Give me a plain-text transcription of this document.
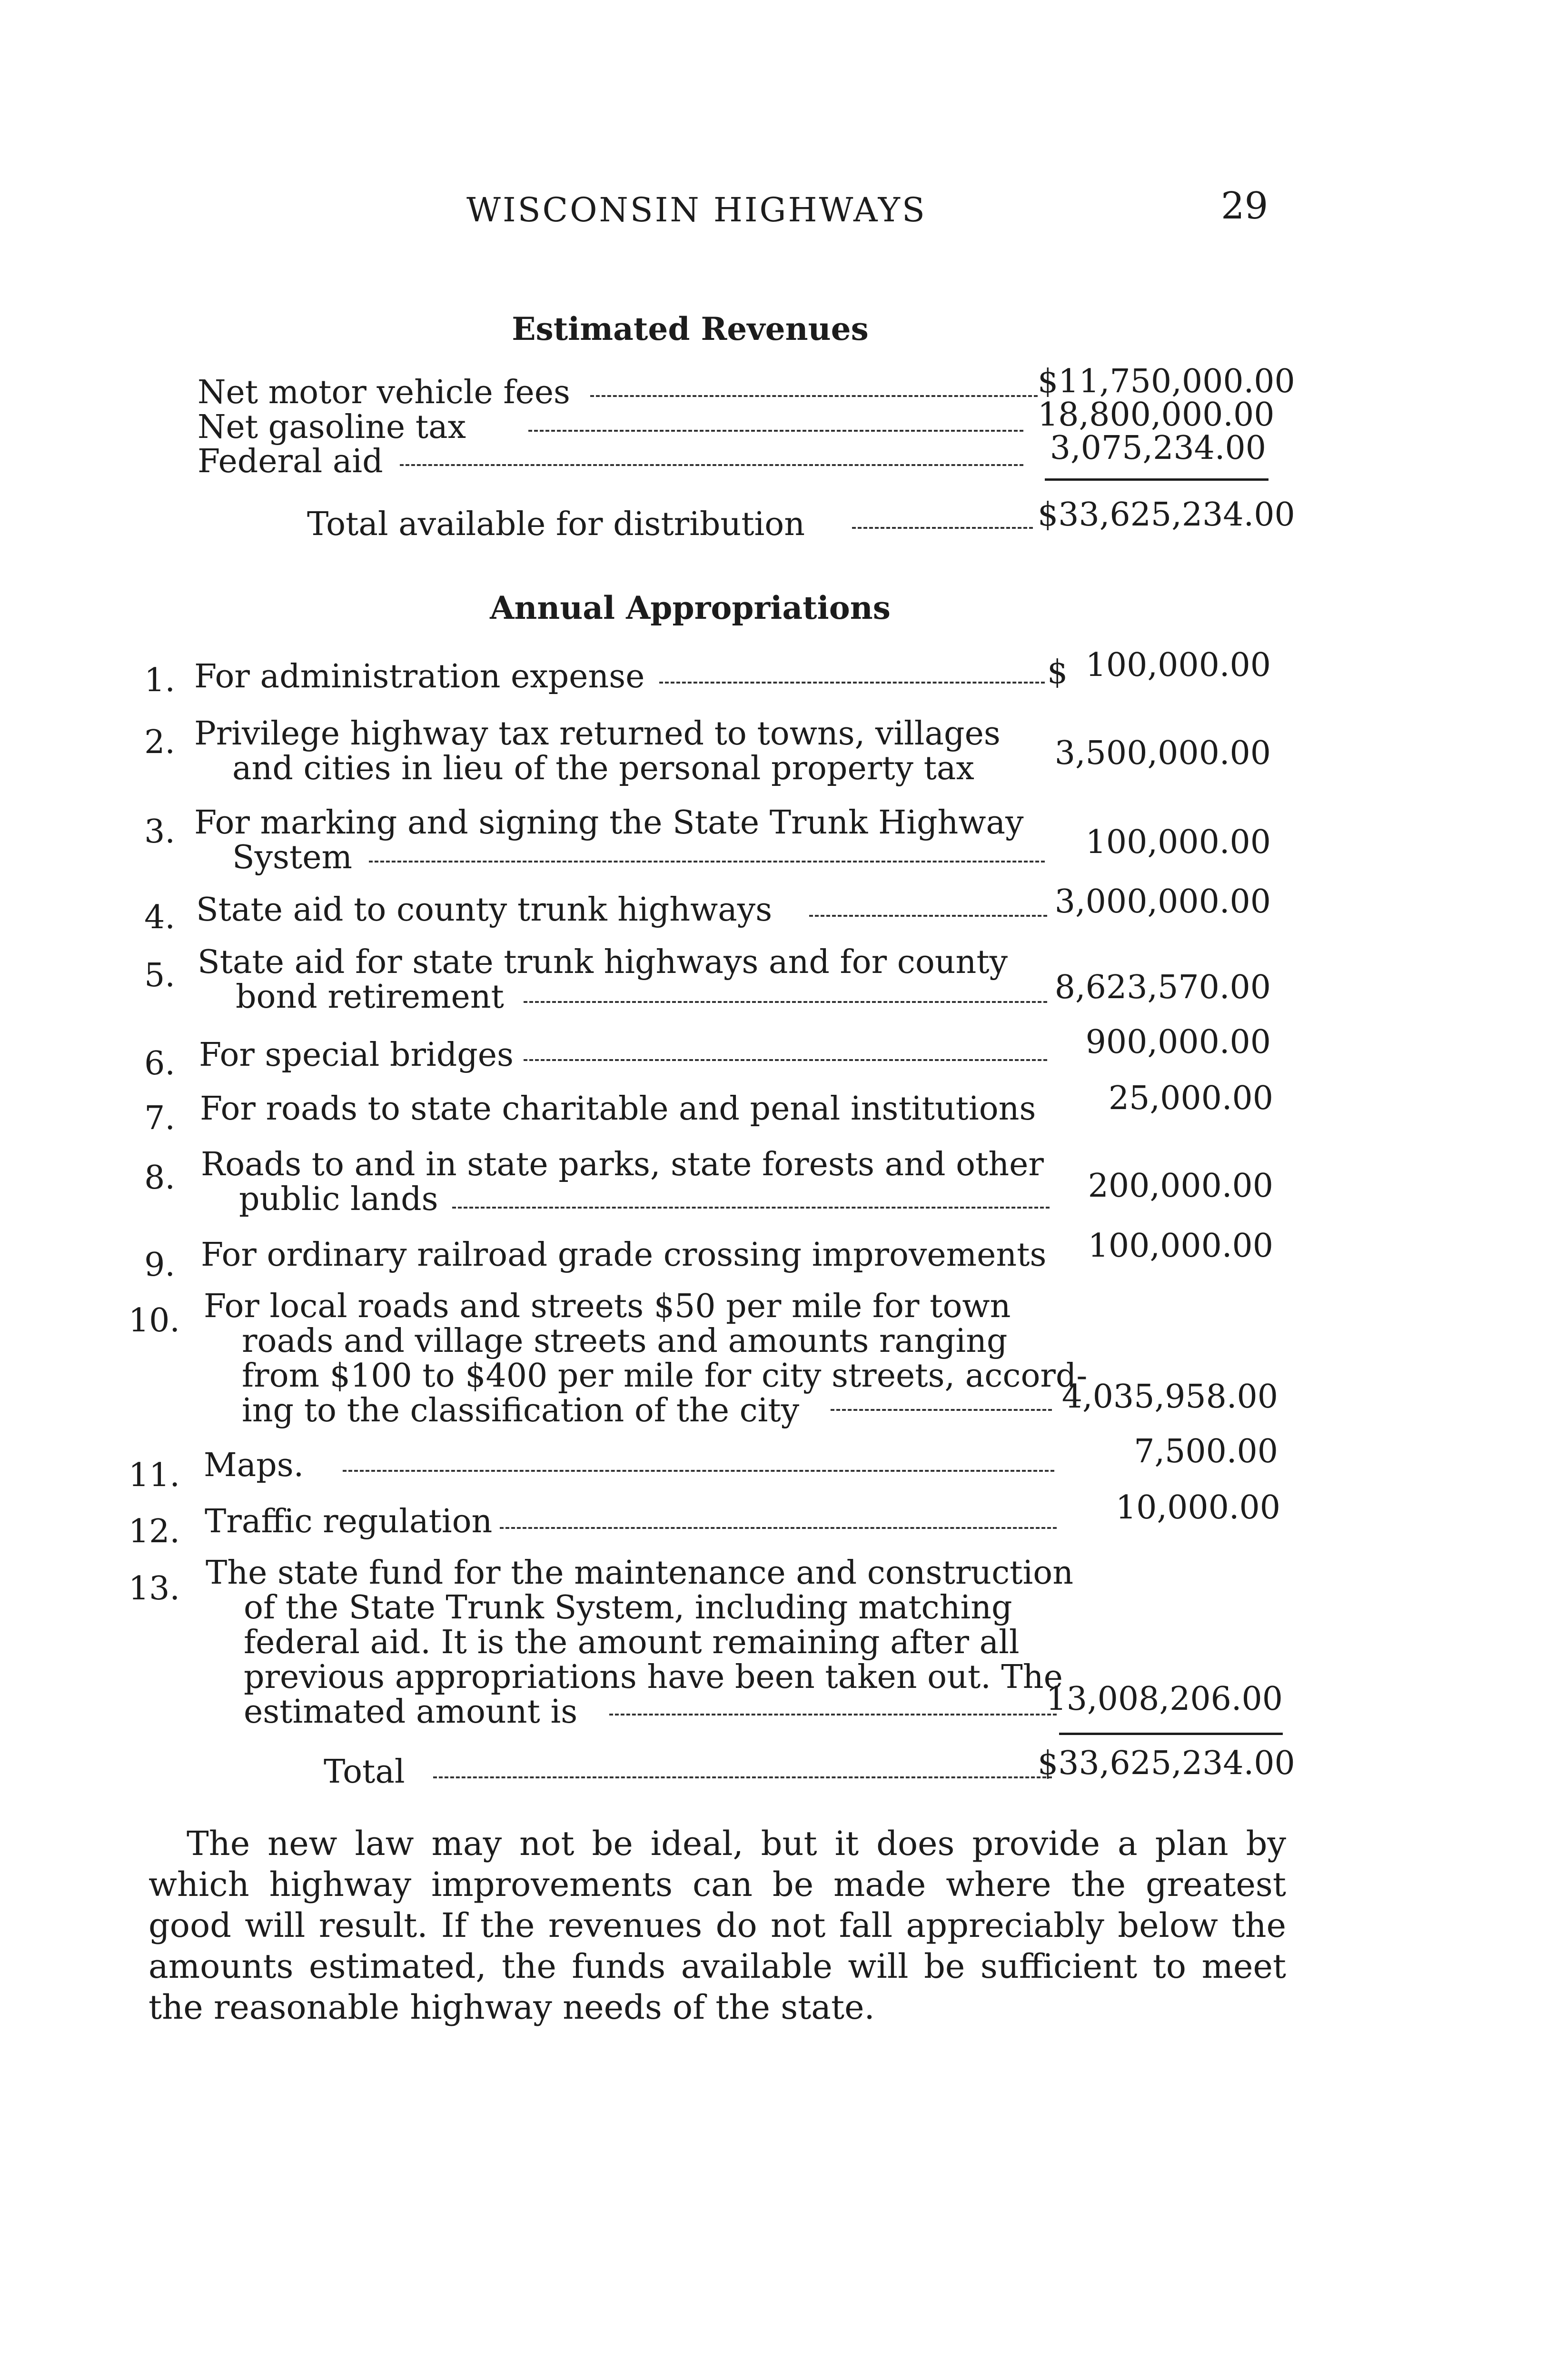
WISCONSIN HIGHWAYS	29
Estimated Revenues
Net motor vehicle fees	$11,750,000.00
Net gasoline tax	18,800,000.00
Federal aid	3,075,234.00
Total available for distribution	$33,625,234.00
Annual Appropriations
1. For administration expense	$ 100,000.00
2. Privilege highway tax returned to towns, villages
and cities in lieu of the personal property tax	3,500,000.00
3. For marking and signing the State Trunk Highway
System	100,000.00
4. State aid to county trunk highways	3,000,000.00
5. State aid for state trunk highways and for county
bond retirement	8,623,570.00
6. For special bridges	900,000.00
7. For roads to state charitable and penal institutions	25,000.00
8. Roads to and in state parks, state forests and other
public lands	200,000.00
9. For ordinary railroad grade crossing improvements	100,000.00
10. For local roads and streets $50 per mile for town
roads and village streets and amounts ranging
from $100 to $400 per mile for city streets, accord-
ing to the classification of the city	4,035,958.00
11. Maps.	7,500.00
12. Traffic regulation	10,000.00
13. The state fund for the maintenance and construction
of the State Trunk System, including matching
federal aid. It is the amount remaining after all
previous appropriations have been taken out. The
estimated amount is	13,008,206.00
Total	$33,625,234.00
The new law may not be ideal, but it does provide a plan by which highway improvements can be made where the greatest good will result. If the revenues do not fall appreciably below the amounts estimated, the funds available will be sufficient to meet the reasonable highway needs of the state.
